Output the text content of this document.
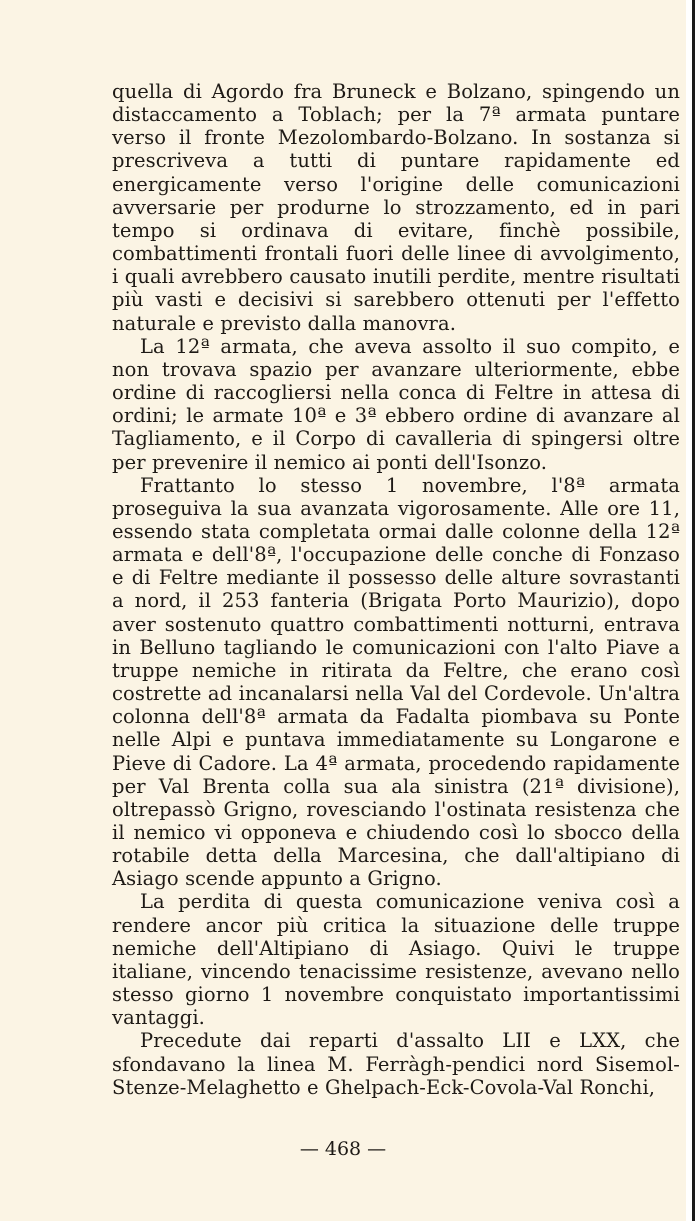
quella di Agordo fra Bruneck e Bolzano, spingendo un distaccamento a Toblach; per la 7ª armata puntare verso il fronte Mezolombardo-Bolzano. In sostanza si prescriveva a tutti di puntare rapidamente ed energicamente verso l'origine delle comunicazioni avversarie per produrne lo strozzamento, ed in pari tempo si ordinava di evitare, finchè possibile, combattimenti frontali fuori delle linee di avvolgimento, i quali avrebbero causato inutili perdite, mentre risultati più vasti e decisivi si sarebbero ottenuti per l'effetto naturale e previsto dalla manovra.

La 12ª armata, che aveva assolto il suo compito, e non trovava spazio per avanzare ulteriormente, ebbe ordine di raccogliersi nella conca di Feltre in attesa di ordini; le armate 10ª e 3ª ebbero ordine di avanzare al Tagliamento, e il Corpo di cavalleria di spingersi oltre per prevenire il nemico ai ponti dell'Isonzo.

Frattanto lo stesso 1 novembre, l'8ª armata proseguiva la sua avanzata vigorosamente. Alle ore 11, essendo stata completata ormai dalle colonne della 12ª armata e dell'8ª, l'occupazione delle conche di Fonzaso e di Feltre mediante il possesso delle alture sovrastanti a nord, il 253 fanteria (Brigata Porto Maurizio), dopo aver sostenuto quattro combattimenti notturni, entrava in Belluno tagliando le comunicazioni con l'alto Piave a truppe nemiche in ritirata da Feltre, che erano così costrette ad incanalarsi nella Val del Cordevole. Un'altra colonna dell'8ª armata da Fadalta piombava su Ponte nelle Alpi e puntava immediatamente su Longarone e Pieve di Cadore. La 4ª armata, procedendo rapidamente per Val Brenta colla sua ala sinistra (21ª divisione), oltrepassò Grigno, rovesciando l'ostinata resistenza che il nemico vi opponeva e chiudendo così lo sbocco della rotabile detta della Marcesina, che dall'altipiano di Asiago scende appunto a Grigno.

La perdita di questa comunicazione veniva così a rendere ancor più critica la situazione delle truppe nemiche dell'Altipiano di Asiago. Quivi le truppe italiane, vincendo tenacissime resistenze, avevano nello stesso giorno 1 novembre conquistato importantissimi vantaggi.

Precedute dai reparti d'assalto LII e LXX, che sfondavano la linea M. Ferràgh-pendici nord Sisemol-Stenze-Melaghetto e Ghelpach-Eck-Covola-Val Ronchi,

— 468 —
